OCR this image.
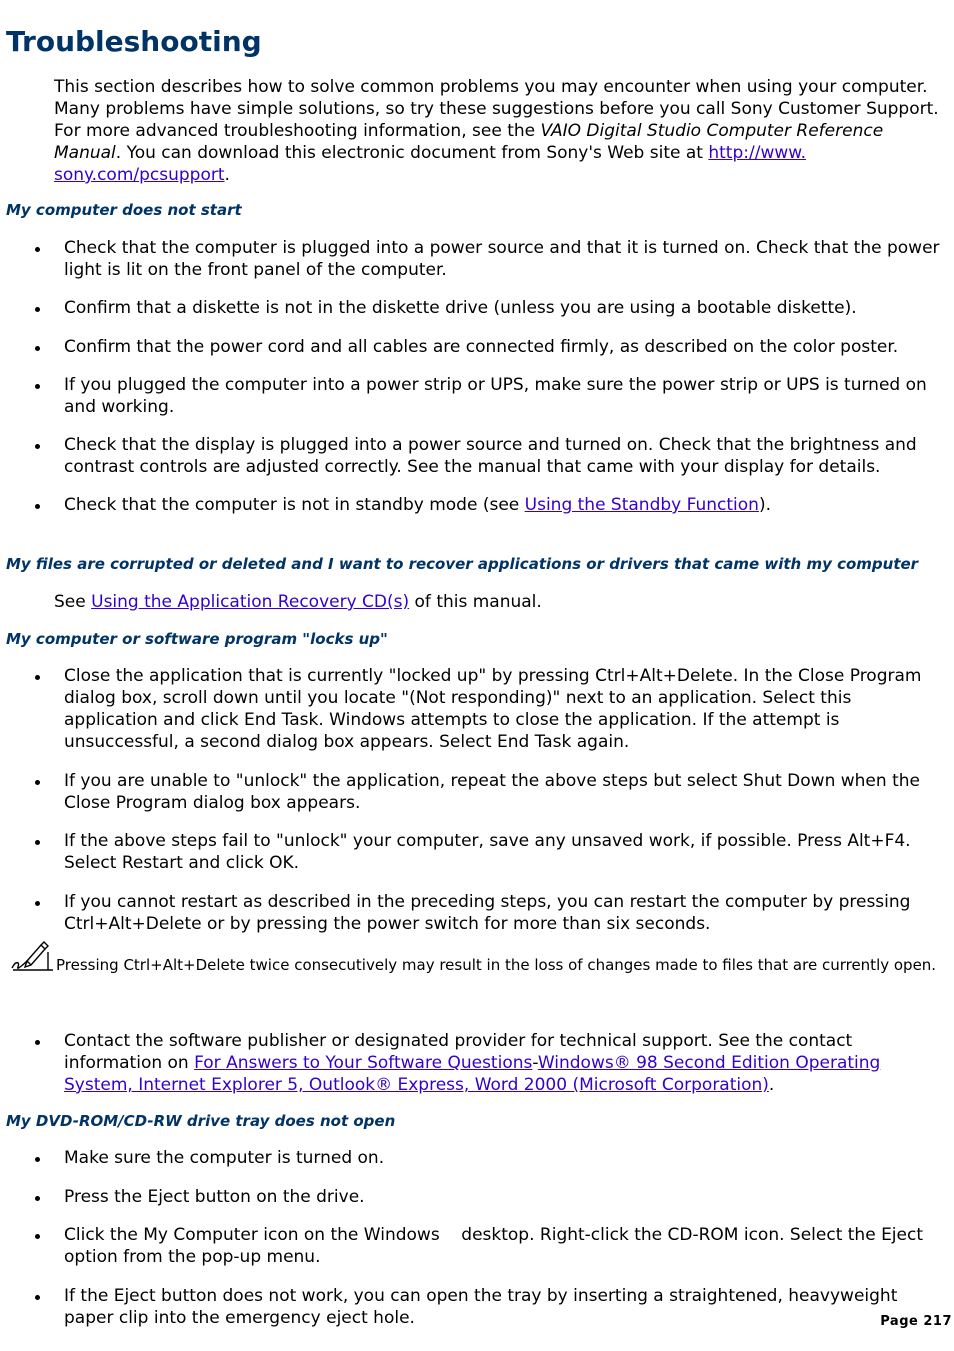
Troubleshooting

This section describes how to solve common problems you may encounter when using your computer. Many problems have simple solutions, so try these suggestions before you call Sony Customer Support. For more advanced troubleshooting information, see the VAIO Digital Studio Computer Reference Manual. You can download this electronic document from Sony's Web site at http://www. sony.com/pcsupport.

My computer does not start
Check that the computer is plugged into a power source and that it is turned on. Check that the power light is lit on the front panel of the computer.
Confirm that a diskette is not in the diskette drive (unless you are using a bootable diskette).
Confirm that the power cord and all cables are connected firmly, as described on the color poster.
If you plugged the computer into a power strip or UPS, make sure the power strip or UPS is turned on and working.
Check that the display is plugged into a power source and turned on. Check that the brightness and contrast controls are adjusted correctly. See the manual that came with your display for details.
Check that the computer is not in standby mode (see Using the Standby Function).
My files are corrupted or deleted and I want to recover applications or drivers that came with my computer

See Using the Application Recovery CD(s) of this manual.

My computer or software program "locks up"
Close the application that is currently "locked up" by pressing Ctrl+Alt+Delete. In the Close Program dialog box, scroll down until you locate "(Not responding)" next to an application. Select this application and click End Task. Windows attempts to close the application. If the attempt is unsuccessful, a second dialog box appears. Select End Task again.
If you are unable to "unlock" the application, repeat the above steps but select Shut Down when the Close Program dialog box appears.
If the above steps fail to "unlock" your computer, save any unsaved work, if possible. Press Alt+F4. Select Restart and click OK.
If you cannot restart as described in the preceding steps, you can restart the computer by pressing Ctrl+Alt+Delete or by pressing the power switch for more than six seconds.
Pressing Ctrl+Alt+Delete twice consecutively may result in the loss of changes made to files that are currently open.
Contact the software publisher or designated provider for technical support. See the contact information on For Answers to Your Software Questions-Windows® 98 Second Edition Operating System, Internet Explorer 5, Outlook® Express, Word 2000 (Microsoft Corporation).
My DVD-ROM/CD-RW drive tray does not open
Make sure the computer is turned on.
Press the Eject button on the drive.
Click the My Computer icon on the Windows    desktop. Right-click the CD-ROM icon. Select the Eject option from the pop-up menu.
If the Eject button does not work, you can open the tray by inserting a straightened, heavyweight paper clip into the emergency eject hole.	Page 217
